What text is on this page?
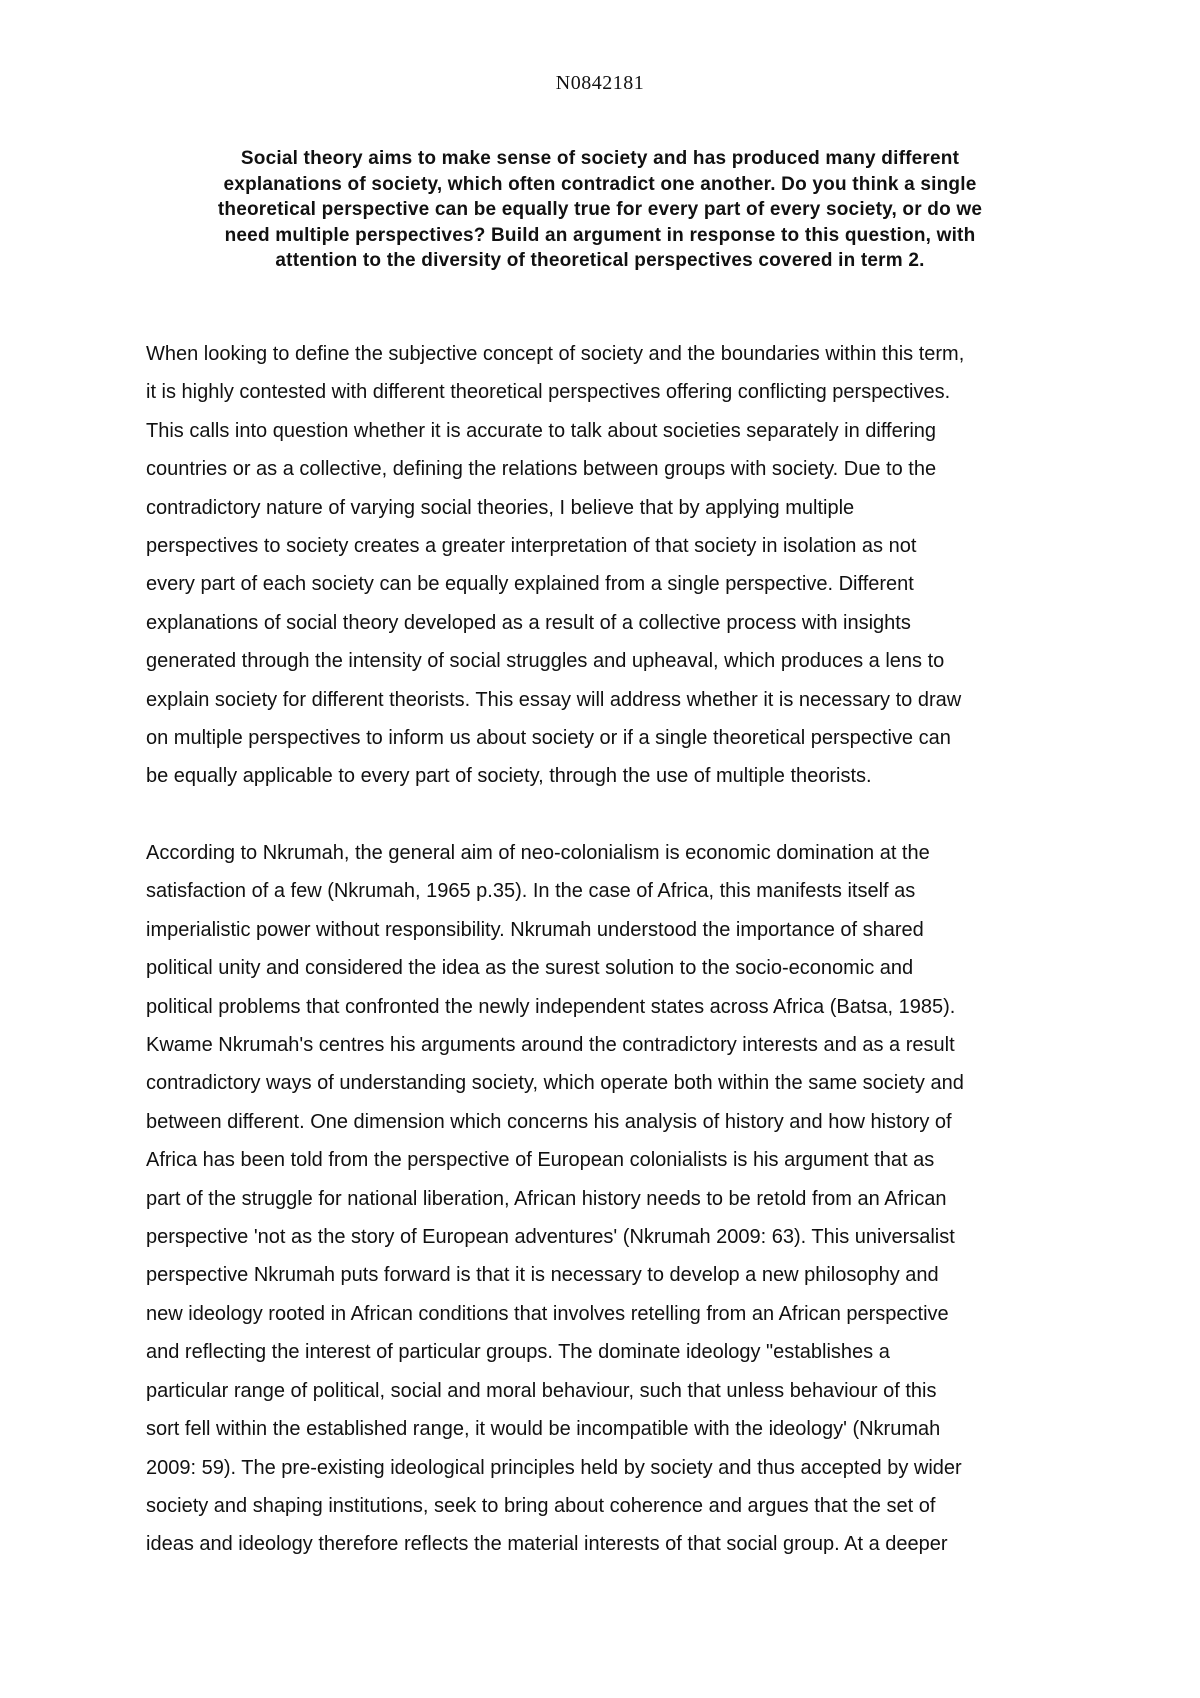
N0842181
Social theory aims to make sense of society and has produced many different
explanations of society, which often contradict one another. Do you think a single
theoretical perspective can be equally true for every part of every society, or do we
need multiple perspectives? Build an argument in response to this question, with
attention to the diversity of theoretical perspectives covered in term 2.
When looking to define the subjective concept of society and the boundaries within this term,
it is highly contested with different theoretical perspectives offering conflicting perspectives.
This calls into question whether it is accurate to talk about societies separately in differing
countries or as a collective, defining the relations between groups with society. Due to the
contradictory nature of varying social theories, I believe that by applying multiple
perspectives to society creates a greater interpretation of that society in isolation as not
every part of each society can be equally explained from a single perspective. Different
explanations of social theory developed as a result of a collective process with insights
generated through the intensity of social struggles and upheaval, which produces a lens to
explain society for different theorists. This essay will address whether it is necessary to draw
on multiple perspectives to inform us about society or if a single theoretical perspective can
be equally applicable to every part of society, through the use of multiple theorists.
According to Nkrumah, the general aim of neo-colonialism is economic domination at the
satisfaction of a few (Nkrumah, 1965 p.35). In the case of Africa, this manifests itself as
imperialistic power without responsibility. Nkrumah understood the importance of shared
political unity and considered the idea as the surest solution to the socio-economic and
political problems that confronted the newly independent states across Africa (Batsa, 1985).
Kwame Nkrumah's centres his arguments around the contradictory interests and as a result
contradictory ways of understanding society, which operate both within the same society and
between different. One dimension which concerns his analysis of history and how history of
Africa has been told from the perspective of European colonialists is his argument that as
part of the struggle for national liberation, African history needs to be retold from an African
perspective 'not as the story of European adventures' (Nkrumah 2009: 63). This universalist
perspective Nkrumah puts forward is that it is necessary to develop a new philosophy and
new ideology rooted in African conditions that involves retelling from an African perspective
and reflecting the interest of particular groups. The dominate ideology "establishes a
particular range of political, social and moral behaviour, such that unless behaviour of this
sort fell within the established range, it would be incompatible with the ideology' (Nkrumah
2009: 59). The pre-existing ideological principles held by society and thus accepted by wider
society and shaping institutions, seek to bring about coherence and argues that the set of
ideas and ideology therefore reflects the material interests of that social group. At a deeper
